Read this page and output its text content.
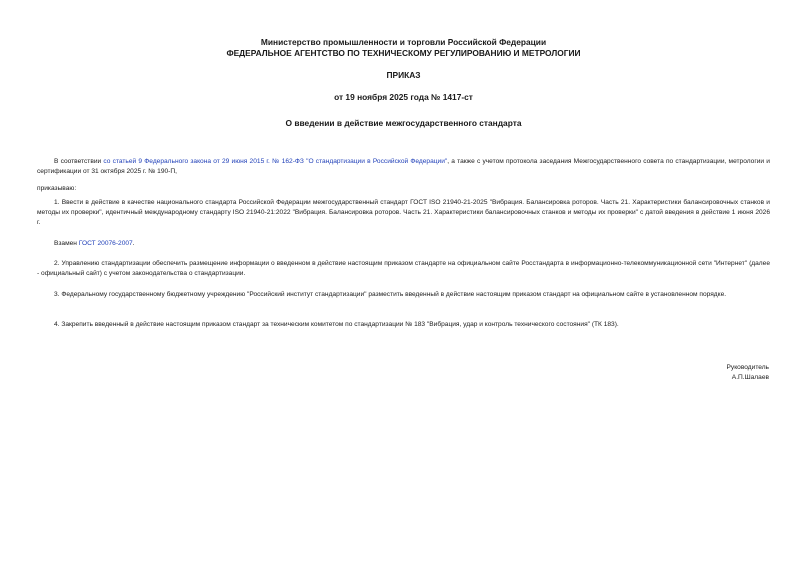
Министерство промышленности и торговли Российской Федерации
ФЕДЕРАЛЬНОЕ АГЕНТСТВО ПО ТЕХНИЧЕСКОМУ РЕГУЛИРОВАНИЮ И МЕТРОЛОГИИ
ПРИКАЗ
от 19 ноября 2025 года № 1417-ст
О введении в действие межгосударственного стандарта
В соответствии со статьей 9 Федерального закона от 29 июня 2015 г. № 162-ФЗ "О стандартизации в Российской Федерации", а также с учетом протокола заседания Межгосударственного совета по стандартизации, метрологии и сертификации от 31 октября 2025 г. № 190-П,
приказываю:
1. Ввести в действие в качестве национального стандарта Российской Федерации межгосударственный стандарт ГОСТ ISO 21940-21-2025 "Вибрация. Балансировка роторов. Часть 21. Характеристики балансировочных станков и методы их проверки", идентичный международному стандарту ISO 21940-21:2022 "Вибрация. Балансировка роторов. Часть 21. Характеристики балансировочных станков и методы их проверки" с датой введения в действие 1 июня 2026 г.
Взамен ГОСТ 20076-2007.
2. Управлению стандартизации обеспечить размещение информации о введенном в действие настоящим приказом стандарте на официальном сайте Росстандарта в информационно-телекоммуникационной сети "Интернет" (далее - официальный сайт) с учетом законодательства о стандартизации.
3. Федеральному государственному бюджетному учреждению "Российский институт стандартизации" разместить введенный в действие настоящим приказом стандарт на официальном сайте в установленном порядке.
4. Закрепить введенный в действие настоящим приказом стандарт за техническим комитетом по стандартизации № 183 "Вибрация, удар и контроль технического состояния" (ТК 183).
Руководитель
А.П.Шалаев
